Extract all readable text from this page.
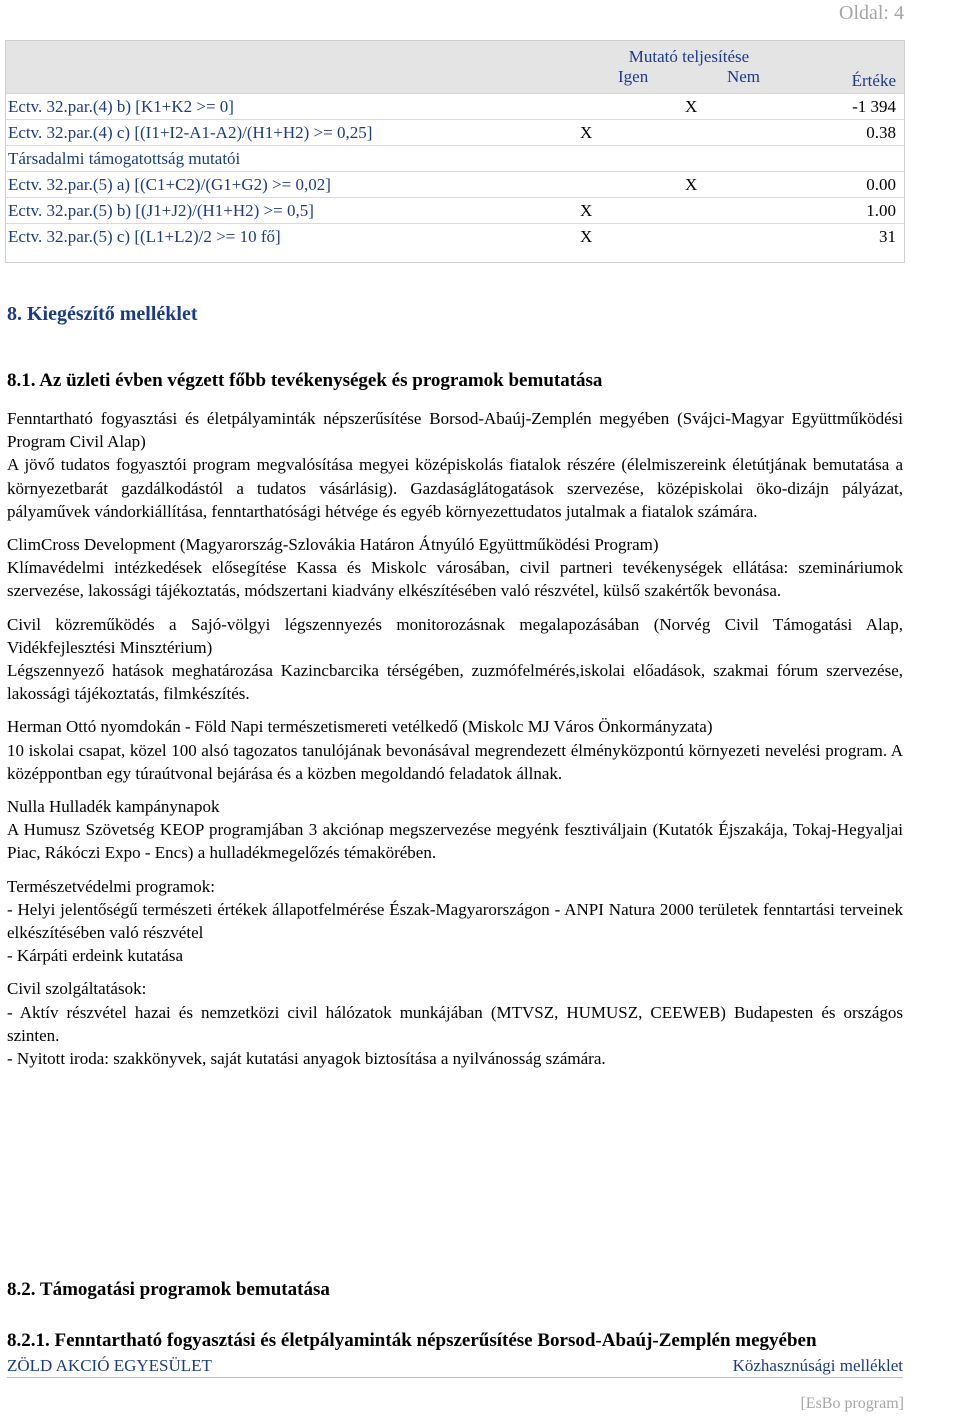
Oldal: 4

	Mutató teljesítése
Igen Nem		Értéke
Ectv. 32.par.(4) b) [K1+K2 >= 0]		X	-1 394
Ectv. 32.par.(4) c) [(I1+I2-A1-A2)/(H1+H2) >= 0,25]	X		0.38
Társadalmi támogatottság mutatói			
Ectv. 32.par.(5) a) [(C1+C2)/(G1+G2) >= 0,02]		X	0.00
Ectv. 32.par.(5) b) [(J1+J2)/(H1+H2) >= 0,5]	X		1.00
Ectv. 32.par.(5) c) [(L1+L2)/2 >= 10 fő]	X		31
8. Kiegészítő melléklet
8.1. Az üzleti évben végzett főbb tevékenységek és programok bemutatása

Fenntartható fogyasztási és életpályaminták népszerűsítése Borsod-Abaúj-Zemplén megyében (Svájci-Magyar Együttműködési Program Civil Alap)
A jövő tudatos fogyasztói program megvalósítása megyei középiskolás fiatalok részére (élelmiszereink életútjának bemutatása a környezetbarát gazdálkodástól a tudatos vásárlásig). Gazdaságlátogatások szervezése, középiskolai öko-dizájn pályázat, pályaművek vándorkiállítása, fenntarthatósági hétvége és egyéb környezettudatos jutalmak a fiatalok számára.

ClimCross Development (Magyarország-Szlovákia Határon Átnyúló Együttműködési Program)
Klímavédelmi intézkedések elősegítése Kassa és Miskolc városában, civil partneri tevékenységek ellátása: szemináriumok szervezése, lakossági tájékoztatás, módszertani kiadvány elkészítésében való részvétel, külső szakértők bevonása.

Civil közreműködés a Sajó-völgyi légszennyezés monitorozásnak megalapozásában (Norvég Civil Támogatási Alap, Vidékfejlesztési Minsztérium)
Légszennyező hatások meghatározása Kazincbarcika térségében, zuzmófelmérés,iskolai előadások, szakmai fórum szervezése, lakossági tájékoztatás, filmkészítés.

Herman Ottó nyomdokán - Föld Napi természetismereti vetélkedő (Miskolc MJ Város Önkormányzata)
10 iskolai csapat, közel 100 alsó tagozatos tanulójának bevonásával megrendezett élményközpontú környezeti nevelési program. A középpontban egy túraútvonal bejárása és a közben megoldandó feladatok állnak.

Nulla Hulladék kampánynapok
A Humusz Szövetség KEOP programjában 3 akciónap megszervezése megyénk fesztiváljain (Kutatók Éjszakája, Tokaj-Hegyaljai Piac, Rákóczi Expo - Encs) a hulladékmegelőzés témakörében.

Természetvédelmi programok:
- Helyi jelentőségű természeti értékek állapotfelmérése Észak-Magyarországon - ANPI Natura 2000 területek fenntartási terveinek elkészítésében való részvétel
- Kárpáti erdeink kutatása

Civil szolgáltatások:
- Aktív részvétel hazai és nemzetközi civil hálózatok munkájában (MTVSZ, HUMUSZ, CEEWEB) Budapesten és országos szinten.
- Nyitott iroda: szakkönyvek, saját kutatási anyagok biztosítása a nyilvánosság számára.

8.2. Támogatási programok bemutatása
8.2.1. Fenntartható fogyasztási és életpályaminták népszerűsítése Borsod-Abaúj-Zemplén megyében
ZÖLD AKCIÓ EGYESÜLET	Közhasznúsági melléklet
[EsBo program]
